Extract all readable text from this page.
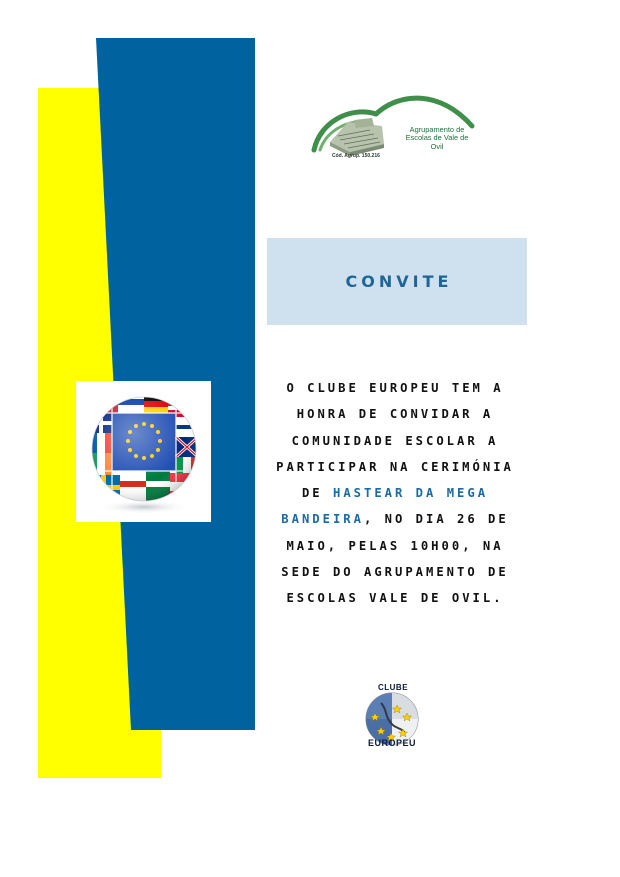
Agrupamento de Escolas de Vale de Ovil
Cód. Agrup. 150.216
CONVITE
O CLUBE EUROPEU TEM A HONRA DE CONVIDAR A COMUNIDADE ESCOLAR A PARTICIPAR NA CERIMÓNIA DE HASTEAR DA MEGA BANDEIRA, NO DIA 26 DE MAIO, PELAS 10H00, NA SEDE DO AGRUPAMENTO DE ESCOLAS VALE DE OVIL.
CLUBE
EUROPEU
